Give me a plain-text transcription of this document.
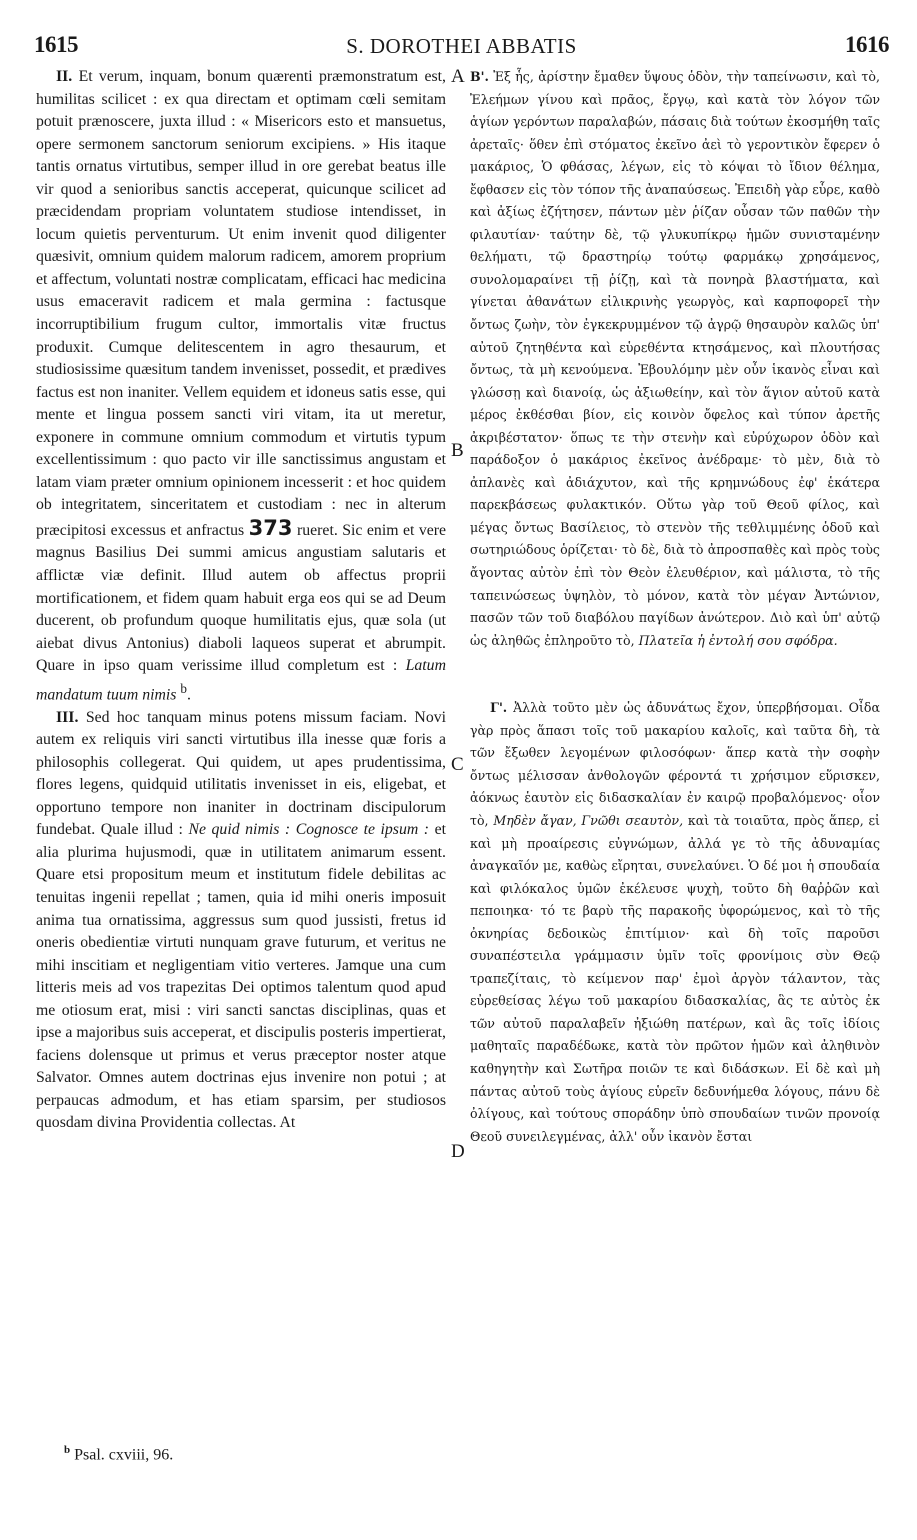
1615	S. DOROTHEI ABBATIS	1616

II. Et verum, inquam, bonum quærenti præmonstratum est, humilitas scilicet : ex qua directam et optimam cœli semitam potuit prænoscere, juxta illud : « Misericors esto et mansuetus, opere sermonem sanctorum seniorum excipiens. » His itaque tantis ornatus virtutibus, semper illud in ore gerebat beatus ille vir quod a senioribus sanctis acceperat, quicunque scilicet ad præcidendam propriam voluntatem studiose intendisset, in locum quietis perventurum. Ut enim invenit quod diligenter quæsivit, omnium quidem malorum radicem, amorem proprium et affectum, voluntati nostræ complicatam, efficaci hac medicina usus emaceravit radicem et mala germina : factusque incorruptibilium frugum cultor, immortalis vitæ fructus produxit. Cumque delitescentem in agro thesaurum, et studiosissime quæsitum tandem invenisset, possedit, et prædives factus est non inaniter. Vellem equidem et idoneus satis esse, qui mente et lingua possem sancti viri vitam, ita ut meretur, exponere in commune omnium commodum et virtutis typum excellentissimum : quo pacto vir ille sanctissimus angustam et latam viam præter omnium opinionem incesserit : et hoc quidem ob integritatem, sinceritatem et custodiam : nec in alterum præcipitosi excessus et anfractus 373 rueret. Sic enim et vere magnus Basilius Dei summi amicus angustiam salutaris et afflictæ viæ definit. Illud autem ob affectus proprii mortificationem, et fidem quam habuit erga eos qui se ad Deum ducerent, ob profundum quoque humilitatis ejus, quæ sola (ut aiebat divus Antonius) diaboli laqueos superat et abrumpit. Quare in ipso quam verissime illud completum est : Latum mandatum tuum nimis $^b$.

III. Sed hoc tanquam minus potens missum faciam. Novi autem ex reliquis viri sancti virtutibus illa inesse quæ foris a philosophis collegerat. Qui quidem, ut apes prudentissima, flores legens, quidquid utilitatis invenisset in eis, eligebat, et opportuno tempore non inaniter in doctrinam discipulorum fundebat. Quale illud : Ne quid nimis : Cognosce te ipsum : et alia plurima hujusmodi, quæ in utilitatem animarum essent. Quare etsi propositum meum et institutum fidele debilitas ac tenuitas ingenii repellat ; tamen, quia id mihi oneris imposuit anima tua ornatissima, aggressus sum quod jussisti, fretus id oneris obedientiæ virtuti nunquam grave futurum, et veritus ne mihi inscitiam et negligentiam vitio verteres. Jamque una cum litteris meis ad vos trapezitas Dei optimos talentum quod apud me otiosum erat, misi : viri sancti sanctas disciplinas, quas et ipse a majoribus suis acceperat, et discipulis posteris impertierat, faciens dolensque ut primus et verus præceptor noster atque Salvator. Omnes autem doctrinas ejus invenire non potui ; at perpaucas admodum, et has etiam sparsim, per studiosos quosdam divina Providentia collectas. At

A
B
C
D

Β'. Ἐξ ἧς, ἀρίστην ἔμαθεν ὕψους ὁδὸν, τὴν ταπείνωσιν, καὶ τὸ, Ἐλεήμων γίνου καὶ πρᾶος, ἔργῳ, καὶ κατὰ τὸν λόγον τῶν ἁγίων γερόντων παραλαβών, πάσαις διὰ τούτων ἐκοσμήθη ταῖς ἀρεταῖς· ὅθεν ἐπὶ στόματος ἐκεῖνο ἀεὶ τὸ γεροντικὸν ἔφερεν ὁ μακάριος, Ὁ φθάσας, λέγων, εἰς τὸ κόψαι τὸ ἴδιον θέλημα, ἔφθασεν εἰς τὸν τόπον τῆς ἀναπαύσεως. Ἐπειδὴ γὰρ εὗρε, καθὸ καὶ ἀξίως ἐζήτησεν, πάντων μὲν ῥίζαν οὖσαν τῶν παθῶν τὴν φιλαυτίαν· ταύτην δὲ, τῷ γλυκυπίκρῳ ἡμῶν συνισταμένην θελήματι, τῷ δραστηρίῳ τούτῳ φαρμάκῳ χρησάμενος, συνολομαραίνει τῇ ῥίζῃ, καὶ τὰ πονηρὰ βλαστήματα, καὶ γίνεται ἀθανάτων εἰλικρινὴς γεωργὸς, καὶ καρποφορεῖ τὴν ὄντως ζωὴν, τὸν ἐγκεκρυμμένον τῷ ἀγρῷ θησαυρὸν καλῶς ὑπ' αὐτοῦ ζητηθέντα καὶ εὑρεθέντα κτησάμενος, καὶ πλουτήσας ὄντως, τὰ μὴ κενούμενα. Ἐβουλόμην μὲν οὖν ἱκανὸς εἶναι καὶ γλώσσῃ καὶ διανοίᾳ, ὡς ἀξιωθείην, καὶ τὸν ἅγιον αὐτοῦ κατὰ μέρος ἐκθέσθαι βίον, εἰς κοινὸν ὄφελος καὶ τύπον ἀρετῆς ἀκριβέστατον· ὅπως τε τὴν στενὴν καὶ εὐρύχωρον ὁδὸν καὶ παράδοξον ὁ μακάριος ἐκεῖνος ἀνέδραμε· τὸ μὲν, διὰ τὸ ἀπλανὲς καὶ ἀδιάχυτον, καὶ τῆς κρημνώδους ἐφ' ἑκάτερα παρεκβάσεως φυλακτικόν. Οὕτω γὰρ τοῦ Θεοῦ φίλος, καὶ μέγας ὄντως Βασίλειος, τὸ στενὸν τῆς τεθλιμμένης ὁδοῦ καὶ σωτηριώδους ὁρίζεται· τὸ δὲ, διὰ τὸ ἀπροσπαθὲς καὶ πρὸς τοὺς ἄγοντας αὐτὸν ἐπὶ τὸν Θεὸν ἐλευθέριον, καὶ μάλιστα, τὸ τῆς ταπεινώσεως ὑψηλὸν, τὸ μόνον, κατὰ τὸν μέγαν Ἀντώνιον, πασῶν τῶν τοῦ διαβόλου παγίδων ἀνώτερον. Διὸ καὶ ὑπ' αὐτῷ ὡς ἀληθῶς ἐπληροῦτο τὸ, Πλατεῖα ἡ ἐντολή σου σφόδρα.

Γ'. Ἀλλὰ τοῦτο μὲν ὡς ἀδυνάτως ἔχον, ὑπερβήσομαι. Οἶδα γὰρ πρὸς ἅπασι τοῖς τοῦ μακαρίου καλοῖς, καὶ ταῦτα δὴ, τὰ τῶν ἔξωθεν λεγομένων φιλοσόφων· ἅπερ κατὰ τὴν σοφὴν ὄντως μέλισσαν ἀνθολογῶν φέροντά τι χρήσιμον εὕρισκεν, ἀόκνως ἑαυτὸν εἰς διδασκαλίαν ἐν καιρῷ προβαλόμενος· οἷον τὸ, Μηδὲν ἄγαν, Γνῶθι σεαυτὸν, καὶ τὰ τοιαῦτα, πρὸς ἅπερ, εἰ καὶ μὴ προαίρεσις εὐγνώμων, ἀλλά γε τὸ τῆς ἀδυναμίας ἀναγκαῖόν με, καθὼς εἴρηται, συνελαύνει. Ὁ δέ μοι ἡ σπουδαία καὶ φιλόκαλος ὑμῶν ἐκέλευσε ψυχὴ, τοῦτο δὴ θαῤῥῶν καὶ πεποιηκα· τό τε βαρὺ τῆς παρακοῆς ὑφορώμενος, καὶ τὸ τῆς ὀκνηρίας δεδοικὼς ἐπιτίμιον· καὶ δὴ τοῖς παροῦσι συναπέστειλα γράμμασιν ὑμῖν τοῖς φρονίμοις σὺν Θεῷ τραπεζίταις, τὸ κείμενον παρ' ἐμοὶ ἀργὸν τάλαντον, τὰς εὐρεθείσας λέγω τοῦ μακαρίου διδασκαλίας, ἃς τε αὐτὸς ἐκ τῶν αὐτοῦ παραλαβεῖν ἠξιώθη πατέρων, καὶ ἃς τοῖς ἰδίοις μαθηταῖς παραδέδωκε, κατὰ τὸν πρῶτον ἡμῶν καὶ ἀληθινὸν καθηγητὴν καὶ Σωτῆρα ποιῶν τε καὶ διδάσκων. Εἰ δὲ καὶ μὴ πάντας αὐτοῦ τοὺς ἁγίους εὑρεῖν δεδυνήμεθα λόγους, πάνυ δὲ ὀλίγους, καὶ τούτους σποράδην ὑπὸ σπουδαίων τινῶν προνοίᾳ Θεοῦ συνειλεγμένας, ἀλλ' οὖν ἱκανὸν ἔσται

$^b$ Psal. cxviii, 96.
